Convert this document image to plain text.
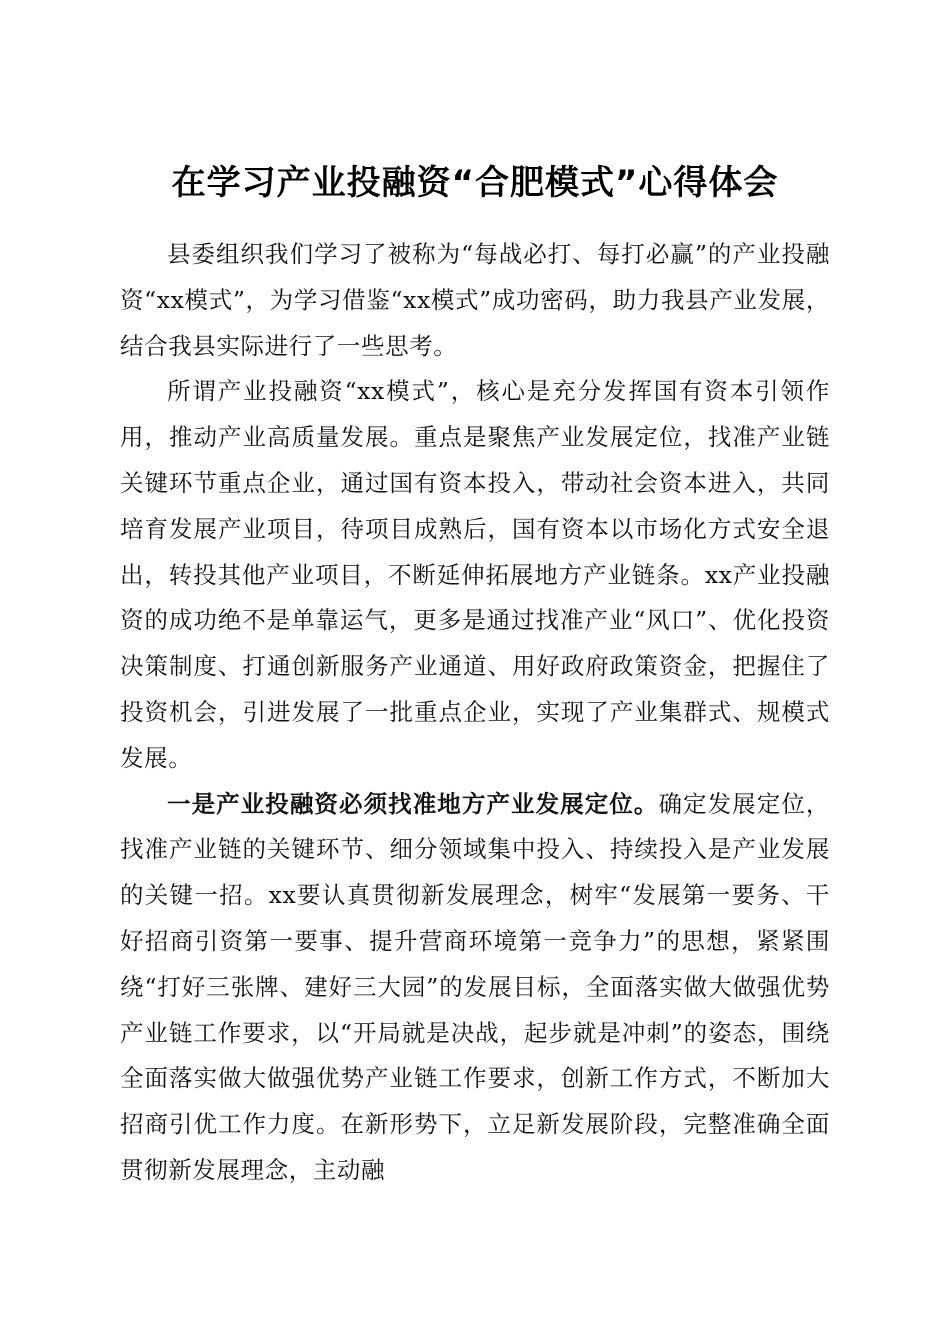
在学习产业投融资“合肥模式”心得体会

县委组织我们学习了被称为“每战必打、每打必赢”的产业投融资“xx模式”，为学习借鉴“xx模式”成功密码，助力我县产业发展，结合我县实际进行了一些思考。

所谓产业投融资“xx模式”，核心是充分发挥国有资本引领作用，推动产业高质量发展。重点是聚焦产业发展定位，找准产业链关键环节重点企业，通过国有资本投入，带动社会资本进入，共同培育发展产业项目，待项目成熟后，国有资本以市场化方式安全退出，转投其他产业项目，不断延伸拓展地方产业链条。xx产业投融资的成功绝不是单靠运气，更多是通过找准产业“风口”、优化投资决策制度、打通创新服务产业通道、用好政府政策资金，把握住了投资机会，引进发展了一批重点企业，实现了产业集群式、规模式发展。

一是产业投融资必须找准地方产业发展定位。确定发展定位，找准产业链的关键环节、细分领域集中投入、持续投入是产业发展的关键一招。xx要认真贯彻新发展理念，树牢“发展第一要务、干好招商引资第一要事、提升营商环境第一竞争力”的思想，紧紧围绕“打好三张牌、建好三大园”的发展目标，全面落实做大做强优势产业链工作要求，以“开局就是决战，起步就是冲刺”的姿态，围绕全面落实做大做强优势产业链工作要求，创新工作方式，不断加大招商引优工作力度。在新形势下，立足新发展阶段，完整准确全面贯彻新发展理念，主动融
